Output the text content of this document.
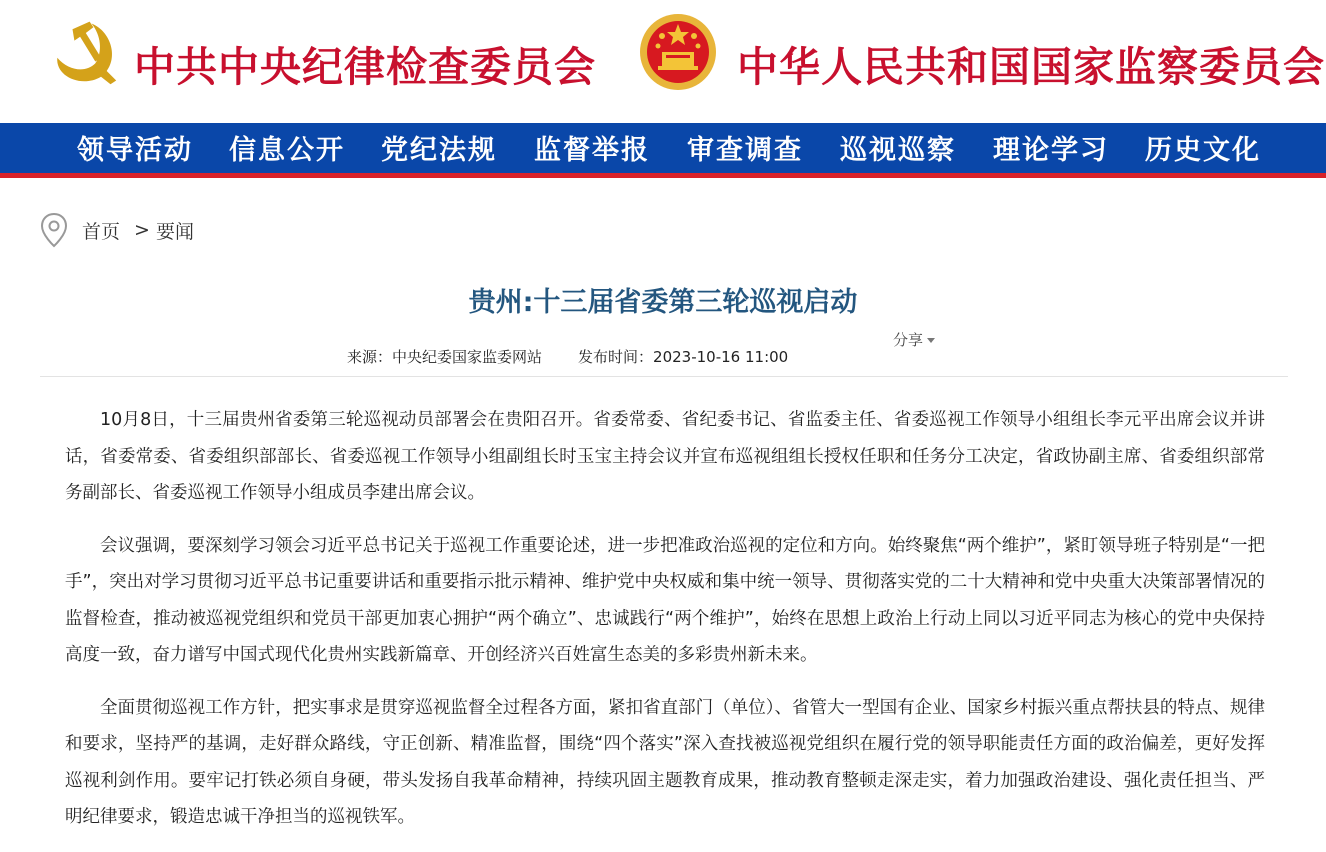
中共中央纪律检查委员会	中华人民共和国国家监察委员会
领导活动 信息公开 党纪法规 监督举报 审查调查 巡视巡察 理论学习 历史文化
首页 > 要闻
贵州:十三届省委第三轮巡视启动
分享
来源：中央纪委国家监委网站 发布时间：2023-10-16 11:00

10月8日，十三届贵州省委第三轮巡视动员部署会在贵阳召开。省委常委、省纪委书记、省监委主任、省委巡视工作领导小组组长李元平出席会议并讲话，省委常委、省委组织部部长、省委巡视工作领导小组副组长时玉宝主持会议并宣布巡视组组长授权任职和任务分工决定，省政协副主席、省委组织部常务副部长、省委巡视工作领导小组成员李建出席会议。

会议强调，要深刻学习领会习近平总书记关于巡视工作重要论述，进一步把准政治巡视的定位和方向。始终聚焦“两个维护”，紧盯领导班子特别是“一把手”，突出对学习贯彻习近平总书记重要讲话和重要指示批示精神、维护党中央权威和集中统一领导、贯彻落实党的二十大精神和党中央重大决策部署情况的监督检查，推动被巡视党组织和党员干部更加衷心拥护“两个确立”、忠诚践行“两个维护”，始终在思想上政治上行动上同以习近平同志为核心的党中央保持高度一致，奋力谱写中国式现代化贵州实践新篇章、开创经济兴百姓富生态美的多彩贵州新未来。

全面贯彻巡视工作方针，把实事求是贯穿巡视监督全过程各方面，紧扣省直部门（单位）、省管大一型国有企业、国家乡村振兴重点帮扶县的特点、规律和要求，坚持严的基调，走好群众路线，守正创新、精准监督，围绕“四个落实”深入查找被巡视党组织在履行党的领导职能责任方面的政治偏差，更好发挥巡视利剑作用。要牢记打铁必须自身硬，带头发扬自我革命精神，持续巩固主题教育成果，推动教育整顿走深走实，着力加强政治建设、强化责任担当、严明纪律要求，锻造忠诚干净担当的巡视铁军。
